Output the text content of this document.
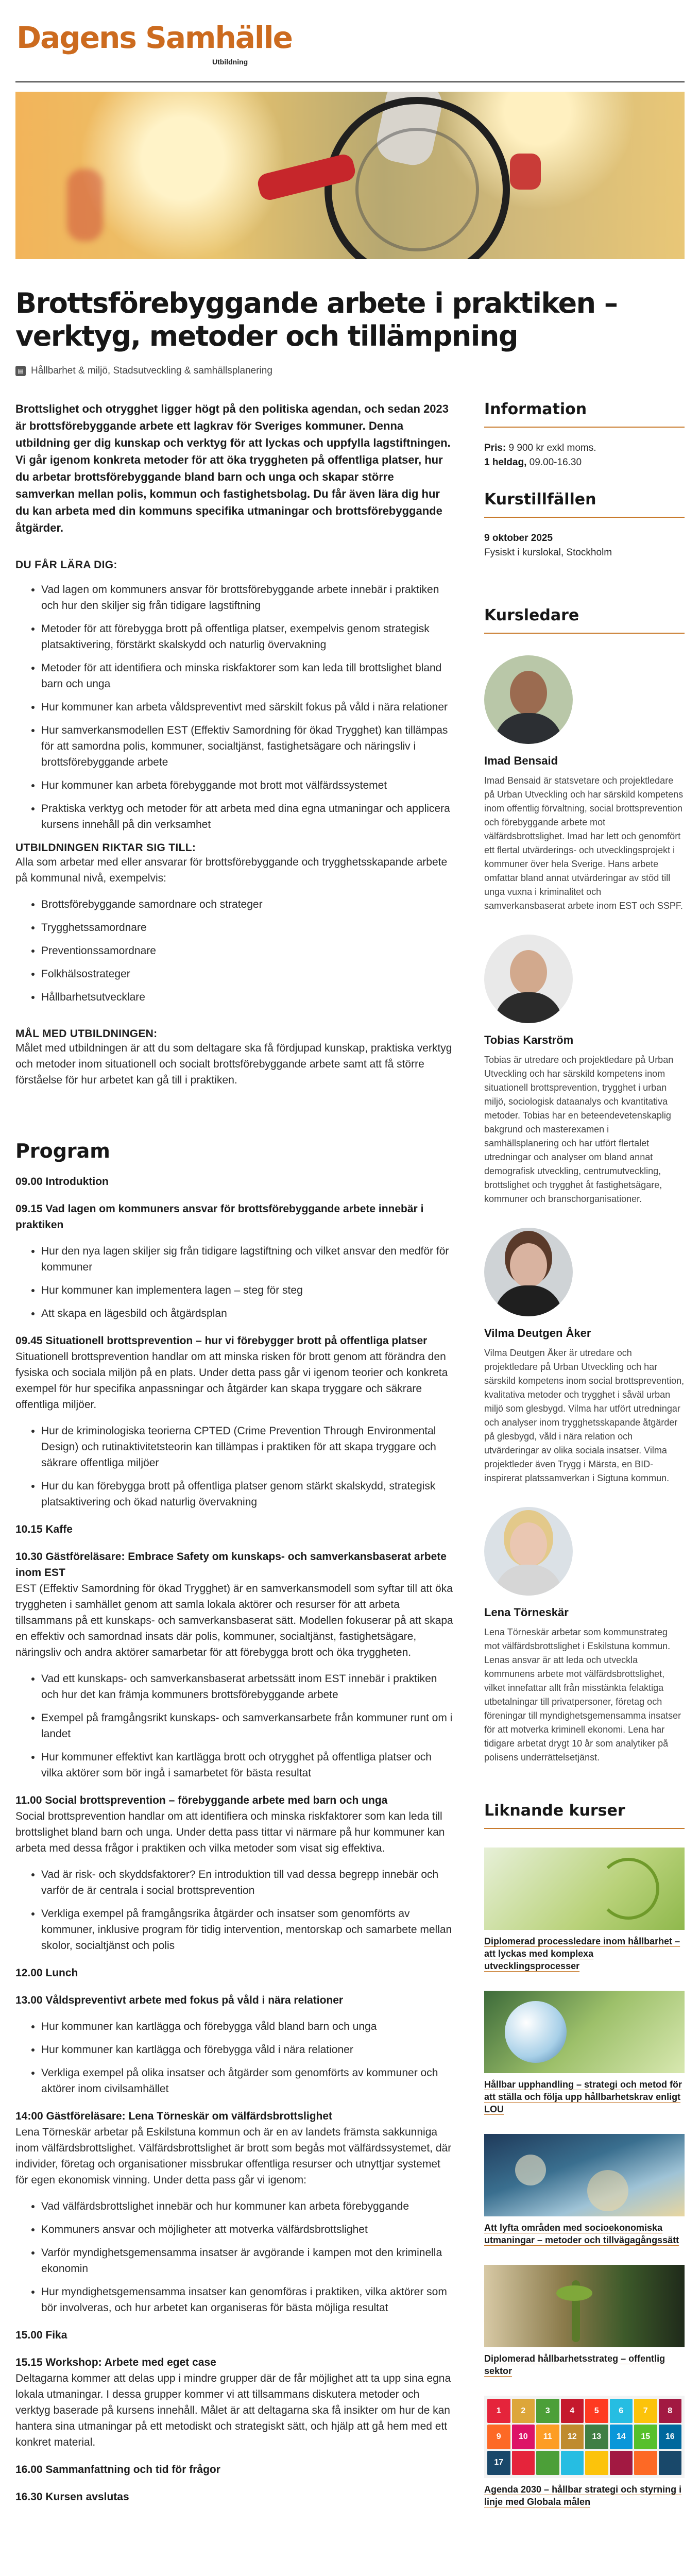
Dagens Samhälle
Utbildning
Brottsförebyggande arbete i praktiken – verktyg, metoder och tillämpning
▤ Hållbarhet & miljö, Stadsutveckling & samhällsplanering

Brottslighet och otrygghet ligger högt på den politiska agendan, och sedan 2023 är brottsförebyggande arbete ett lagkrav för Sveriges kommuner. Denna utbildning ger dig kunskap och verktyg för att lyckas och uppfylla lagstiftningen. Vi går igenom konkreta metoder för att öka tryggheten på offentliga platser, hur du arbetar brottsförebyggande bland barn och unga och skapar större samverkan mellan polis, kommun och fastighetsbolag. Du får även lära dig hur du kan arbeta med din kommuns specifika utmaningar och brottsförebyggande åtgärder.

DU FÅR LÄRA DIG:
• Vad lagen om kommuners ansvar för brottsförebyggande arbete innebär i praktiken och hur den skiljer sig från tidigare lagstiftning
• Metoder för att förebygga brott på offentliga platser, exempelvis genom strategisk platsaktivering, förstärkt skalskydd och naturlig övervakning
• Metoder för att identifiera och minska riskfaktorer som kan leda till brottslighet bland barn och unga
• Hur kommuner kan arbeta våldspreventivt med särskilt fokus på våld i nära relationer
• Hur samverkansmodellen EST (Effektiv Samordning för ökad Trygghet) kan tillämpas för att samordna polis, kommuner, socialtjänst, fastighetsägare och näringsliv i brottsförebyggande arbete
• Hur kommuner kan arbeta förebyggande mot brott mot välfärdssystemet
• Praktiska verktyg och metoder för att arbeta med dina egna utmaningar och applicera kursens innehåll på din verksamhet
UTBILDNINGEN RIKTAR SIG TILL:

Alla som arbetar med eller ansvarar för brottsförebyggande och trygghetsskapande arbete på kommunal nivå, exempelvis:

• Brottsförebyggande samordnare och strateger
• Trygghetssamordnare
• Preventionssamordnare
• Folkhälsostrateger
• Hållbarhetsutvecklare
MÅL MED UTBILDNINGEN:

Målet med utbildningen är att du som deltagare ska få fördjupad kunskap, praktiska verktyg och metoder inom situationell och socialt brottsförebyggande arbete samt att få större förståelse för hur arbetet kan gå till i praktiken.

Program
09.00 Introduktion
09.15 Vad lagen om kommuners ansvar för brottsförebyggande arbete innebär i praktiken
• Hur den nya lagen skiljer sig från tidigare lagstiftning och vilket ansvar den medför för kommuner
• Hur kommuner kan implementera lagen – steg för steg
• Att skapa en lägesbild och åtgärdsplan
09.45 Situationell brottsprevention – hur vi förebygger brott på offentliga platser

Situationell brottsprevention handlar om att minska risken för brott genom att förändra den fysiska och sociala miljön på en plats. Under detta pass går vi igenom teorier och konkreta exempel för hur specifika anpassningar och åtgärder kan skapa tryggare och säkrare offentliga miljöer.

• Hur de kriminologiska teorierna CPTED (Crime Prevention Through Environmental Design) och rutinaktivitetsteorin kan tillämpas i praktiken för att skapa tryggare och säkrare offentliga miljöer
• Hur du kan förebygga brott på offentliga platser genom stärkt skalskydd, strategisk platsaktivering och ökad naturlig övervakning
10.15 Kaffe
10.30 Gästföreläsare: Embrace Safety om kunskaps- och samverkansbaserat arbete inom EST

EST (Effektiv Samordning för ökad Trygghet) är en samverkansmodell som syftar till att öka tryggheten i samhället genom att samla lokala aktörer och resurser för att arbeta tillsammans på ett kunskaps- och samverkansbaserat sätt. Modellen fokuserar på att skapa en effektiv och samordnad insats där polis, kommuner, socialtjänst, fastighetsägare, näringsliv och andra aktörer samarbetar för att förebygga brott och öka tryggheten.

• Vad ett kunskaps- och samverkansbaserat arbetssätt inom EST innebär i praktiken och hur det kan främja kommuners brottsförebyggande arbete
• Exempel på framgångsrikt kunskaps- och samverkansarbete från kommuner runt om i landet
• Hur kommuner effektivt kan kartlägga brott och otrygghet på offentliga platser och vilka aktörer som bör ingå i samarbetet för bästa resultat
11.00 Social brottsprevention – förebyggande arbete med barn och unga

Social brottsprevention handlar om att identifiera och minska riskfaktorer som kan leda till brottslighet bland barn och unga. Under detta pass tittar vi närmare på hur kommuner kan arbeta med dessa frågor i praktiken och vilka metoder som visat sig effektiva.

• Vad är risk- och skyddsfaktorer? En introduktion till vad dessa begrepp innebär och varför de är centrala i social brottsprevention
• Verkliga exempel på framgångsrika åtgärder och insatser som genomförts av kommuner, inklusive program för tidig intervention, mentorskap och samarbete mellan skolor, socialtjänst och polis
12.00 Lunch
13.00 Våldspreventivt arbete med fokus på våld i nära relationer
• Hur kommuner kan kartlägga och förebygga våld bland barn och unga
• Hur kommuner kan kartlägga och förebygga våld i nära relationer
• Verkliga exempel på olika insatser och åtgärder som genomförts av kommuner och aktörer inom civilsamhället
14:00 Gästföreläsare: Lena Törneskär om välfärdsbrottslighet

Lena Törneskär arbetar på Eskilstuna kommun och är en av landets främsta sakkunniga inom välfärdsbrottslighet. Välfärdsbrottslighet är brott som begås mot välfärdssystemet, där individer, företag och organisationer missbrukar offentliga resurser och utnyttjar systemet för egen ekonomisk vinning. Under detta pass går vi igenom:

• Vad välfärdsbrottslighet innebär och hur kommuner kan arbeta förebyggande
• Kommuners ansvar och möjligheter att motverka välfärdsbrottslighet
• Varför myndighetsgemensamma insatser är avgörande i kampen mot den kriminella ekonomin
• Hur myndighetsgemensamma insatser kan genomföras i praktiken, vilka aktörer som bör involveras, och hur arbetet kan organiseras för bästa möjliga resultat
15.00 Fika
15.15 Workshop: Arbete med eget case

Deltagarna kommer att delas upp i mindre grupper där de får möjlighet att ta upp sina egna lokala utmaningar. I dessa grupper kommer vi att tillsammans diskutera metoder och verktyg baserade på kursens innehåll. Målet är att deltagarna ska få insikter om hur de kan hantera sina utmaningar på ett metodiskt och strategiskt sätt, och hjälp att gå hem med ett konkret material.

16.00 Sammanfattning och tid för frågor
16.30 Kursen avslutas
Information
Pris: 9 900 kr exkl moms.
1 heldag, 09.00-16.30
Kurstillfällen
9 oktober 2025
Fysiskt i kurslokal, Stockholm
Kursledare
Imad Bensaid
Imad Bensaid är statsvetare och projektledare på Urban Utveckling och har särskild kompetens inom offentlig förvaltning, social brottsprevention och förebyggande arbete mot välfärdsbrottslighet. Imad har lett och genomfört ett flertal utvärderings- och utvecklingsprojekt i kommuner över hela Sverige. Hans arbete omfattar bland annat utvärderingar av stöd till unga vuxna i kriminalitet och samverkansbaserat arbete inom EST och SSPF.
Tobias Karström
Tobias är utredare och projektledare på Urban Utveckling och har särskild kompetens inom situationell brottsprevention, trygghet i urban miljö, sociologisk dataanalys och kvantitativa metoder. Tobias har en beteendevetenskaplig bakgrund och masterexamen i samhällsplanering och har utfört flertalet utredningar och analyser om bland annat demografisk utveckling, centrumutveckling, brottslighet och trygghet åt fastighetsägare, kommuner och branschorganisationer.
Vilma Deutgen Åker
Vilma Deutgen Åker är utredare och projektledare på Urban Utveckling och har särskild kompetens inom social brottsprevention, kvalitativa metoder och trygghet i såväl urban miljö som glesbygd. Vilma har utfört utredningar och analyser inom trygghetsskapande åtgärder på glesbygd, våld i nära relation och utvärderingar av olika sociala insatser. Vilma projektleder även Trygg i Märsta, en BID-inspirerat platssamverkan i Sigtuna kommun.
Lena Törneskär
Lena Törneskär arbetar som kommunstrateg mot välfärdsbrottslighet i Eskilstuna kommun. Lenas ansvar är att leda och utveckla kommunens arbete mot välfärdsbrottslighet, vilket innefattar allt från misstänkta felaktiga utbetalningar till privatpersoner, företag och föreningar till myndighetsgemensamma insatser för att motverka kriminell ekonomi. Lena har tidigare arbetat drygt 10 år som analytiker på polisens underrättelsetjänst.
Liknande kurser
Diplomerad processledare inom hållbarhet – att lyckas med komplexa utvecklingsprocesser
Hållbar upphandling – strategi och metod för att ställa och följa upp hållbarhetskrav enligt LOU
Att lyfta områden med socioekonomiska utmaningar – metoder och tillvägagångssätt
Diplomerad hållbarhetsstrateg – offentlig sektor
1	2	3	4	5	6	7	8
9	10	11	12	13	14	15	16
17
Agenda 2030 – hållbar strategi och styrning i linje med Globala målen
